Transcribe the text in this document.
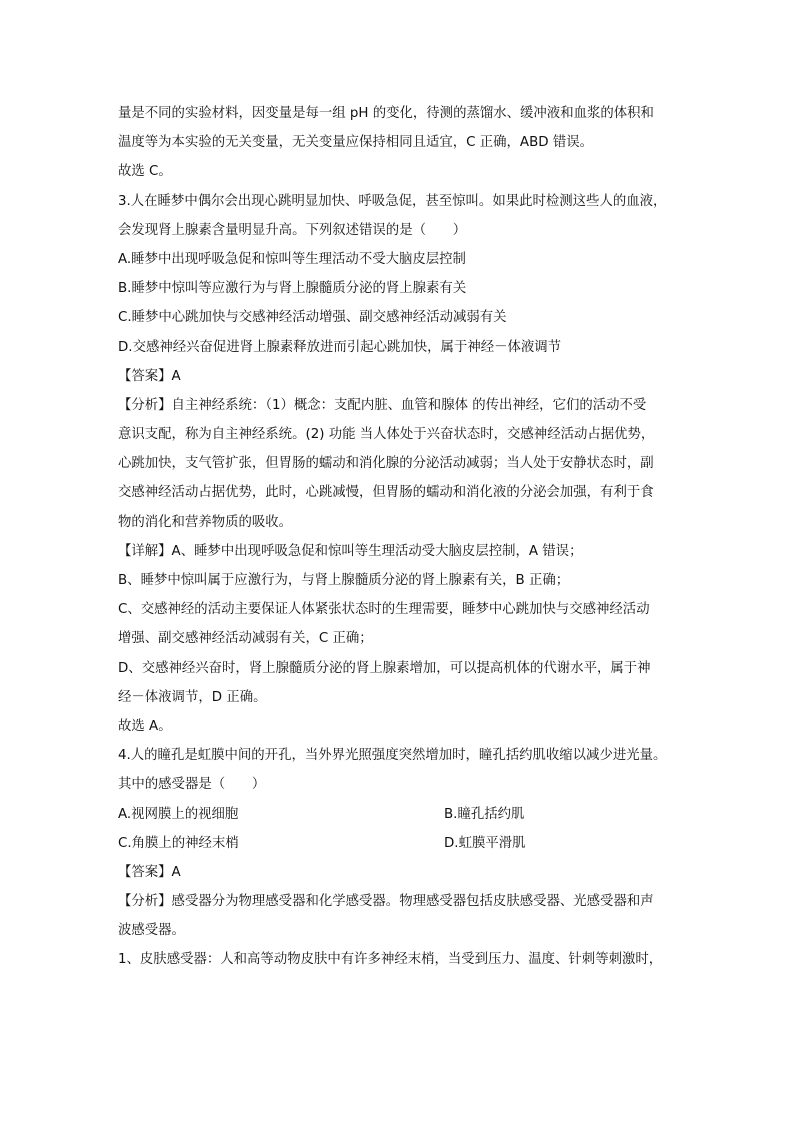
量是不同的实验材料，因变量是每一组 pH 的变化，待测的蒸馏水、缓冲液和血浆的体积和
温度等为本实验的无关变量，无关变量应保持相同且适宜，C 正确，ABD 错误。
故选 C。
3.人在睡梦中偶尔会出现心跳明显加快、呼吸急促，甚至惊叫。如果此时检测这些人的血液，
会发现肾上腺素含量明显升高。下列叙述错误的是（　　）
A.睡梦中出现呼吸急促和惊叫等生理活动不受大脑皮层控制
B.睡梦中惊叫等应激行为与肾上腺髓质分泌的肾上腺素有关
C.睡梦中心跳加快与交感神经活动增强、副交感神经活动减弱有关
D.交感神经兴奋促进肾上腺素释放进而引起心跳加快，属于神经－体液调节
【答案】A
【分析】自主神经系统：（1）概念：支配内脏、血管和腺体 的传出神经，它们的活动不受
意识支配，称为自主神经系统。(2) 功能 当人体处于兴奋状态时，交感神经活动占据优势，
心跳加快，支气管扩张，但胃肠的蠕动和消化腺的分泌活动减弱；当人处于安静状态时，副
交感神经活动占据优势，此时，心跳减慢，但胃肠的蠕动和消化液的分泌会加强，有利于食
物的消化和营养物质的吸收。
【详解】A、睡梦中出现呼吸急促和惊叫等生理活动受大脑皮层控制，A 错误；
B、睡梦中惊叫属于应激行为，与肾上腺髓质分泌的肾上腺素有关，B 正确；
C、交感神经的活动主要保证人体紧张状态时的生理需要，睡梦中心跳加快与交感神经活动
增强、副交感神经活动减弱有关，C 正确；
D、交感神经兴奋时，肾上腺髓质分泌的肾上腺素增加，可以提高机体的代谢水平，属于神
经－体液调节，D 正确。
故选 A。
4.人的瞳孔是虹膜中间的开孔，当外界光照强度突然增加时，瞳孔括约肌收缩以减少进光量。
其中的感受器是（　　）
A.视网膜上的视细胞	B.瞳孔括约肌
C.角膜上的神经末梢	D.虹膜平滑肌
【答案】A
【分析】感受器分为物理感受器和化学感受器。物理感受器包括皮肤感受器、光感受器和声
波感受器。
1、皮肤感受器：人和高等动物皮肤中有许多神经末梢，当受到压力、温度、针刺等刺激时，
